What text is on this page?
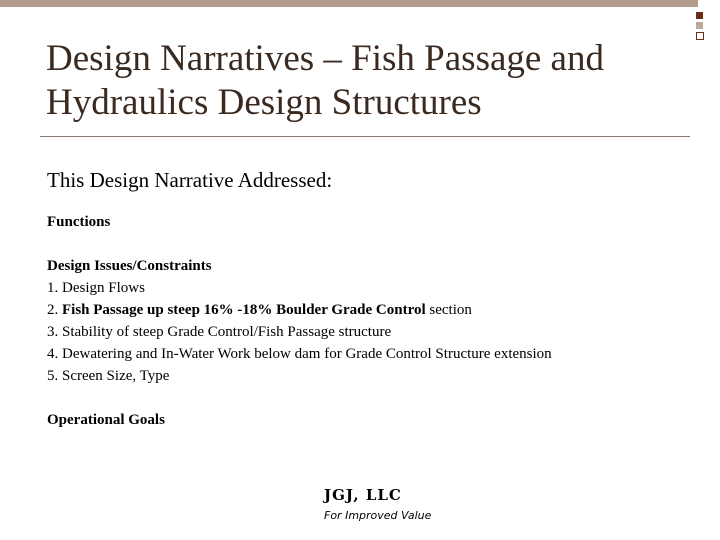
Design Narratives – Fish Passage and Hydraulics Design Structures

This Design Narrative Addressed:

Functions

Design Issues/Constraints

1. Design Flows
2. Fish Passage up steep 16% -18% Boulder Grade Control section
3. Stability of steep Grade Control/Fish Passage structure
4. Dewatering and In-Water Work below dam for Grade Control Structure extension
5. Screen Size, Type

Operational Goals

JGJ, LLC
For Improved Value
